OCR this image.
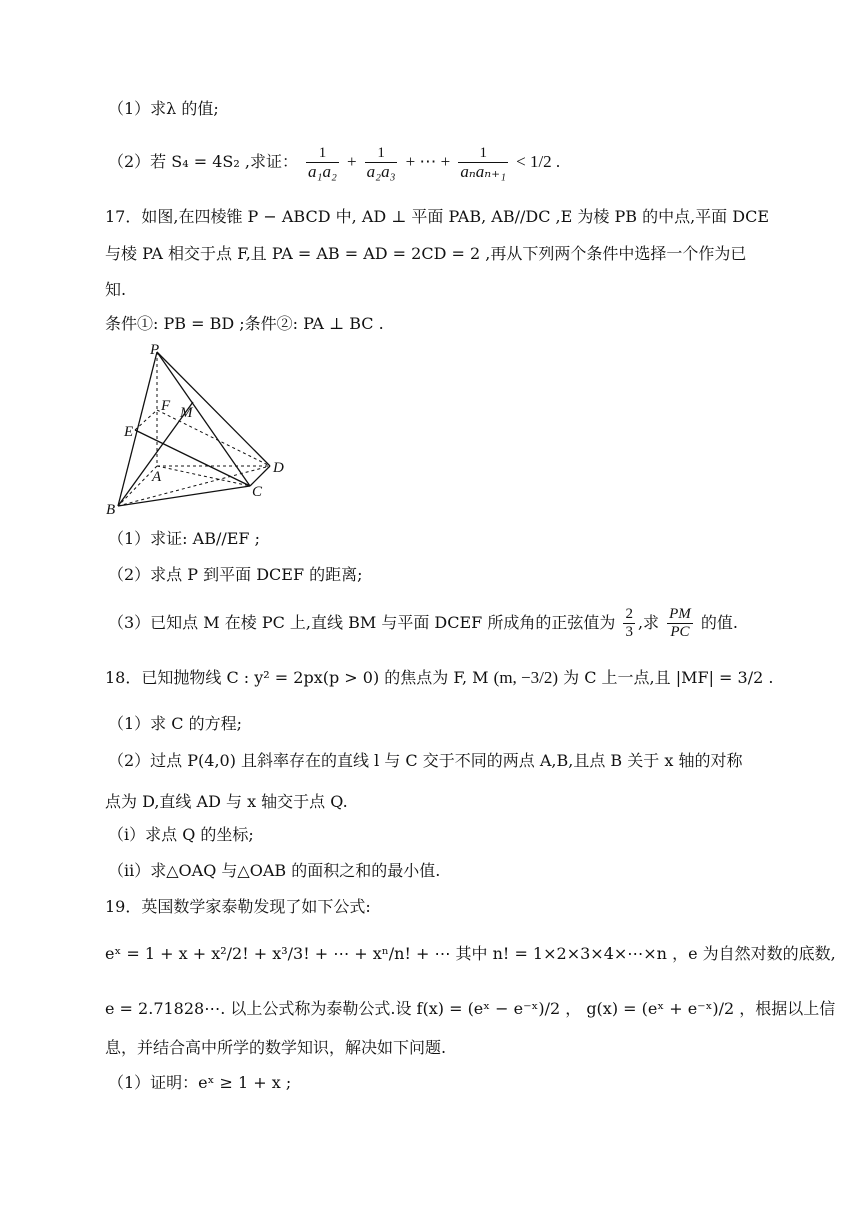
（1）求λ 的值;
（2）若 S₄ = 4S₂ ,求证： $\frac{1}{\text{a₁a₂}} + \frac{1}{\text{a₂a₃}}$ + ⋯ + $\frac{1}{\text{aₙaₙ₊₁}} < 1/2$ .
17．如图,在四棱锥 P − ABCD 中, AD ⊥ 平面 PAB, AB//DC ,E 为棱 PB 的中点,平面 DCE
与棱 PA 相交于点 F,且 PA = AB = AD = 2CD = 2 ,再从下列两个条件中选择一个作为已
知.
条件①: PB = BD ;条件②: PA ⊥ BC .
P
F M
E
A
D
C
B
（1）求证: AB//EF ;
（2）求点 P 到平面 DCEF 的距离;
（3）已知点 M 在棱 PC 上,直线 BM 与平面 DCEF 所成角的正弦值为 $\frac{2}{3}$ ,求 $\frac{PM}{PC}$ 的值.
18．已知抛物线 C : y² = 2px(p > 0) 的焦点为 F, M (m, −3/2) 为 C 上一点,且 |MF| = 3/2 .
（1）求 C 的方程;
（2）过点 P(4,0) 且斜率存在的直线 l 与 C 交于不同的两点 A,B,且点 B 关于 x 轴的对称
点为 D,直线 AD 与 x 轴交于点 Q.
（i）求点 Q 的坐标;
（ii）求△OAQ 与△OAB 的面积之和的最小值.
19．英国数学家泰勒发现了如下公式:
eˣ = 1 + x + x²/2! + x³/3! + ⋯ + xⁿ/n! + ⋯ 其中 n! = 1×2×3×4×⋯×n ，e 为自然对数的底数,
e = 2.71828⋯. 以上公式称为泰勒公式.设 f(x) = (eˣ − e⁻ˣ)/2 ， g(x) = (eˣ + e⁻ˣ)/2 ，根据以上信
息，并结合高中所学的数学知识，解决如下问题.
（1）证明：eˣ ≥ 1 + x ;
